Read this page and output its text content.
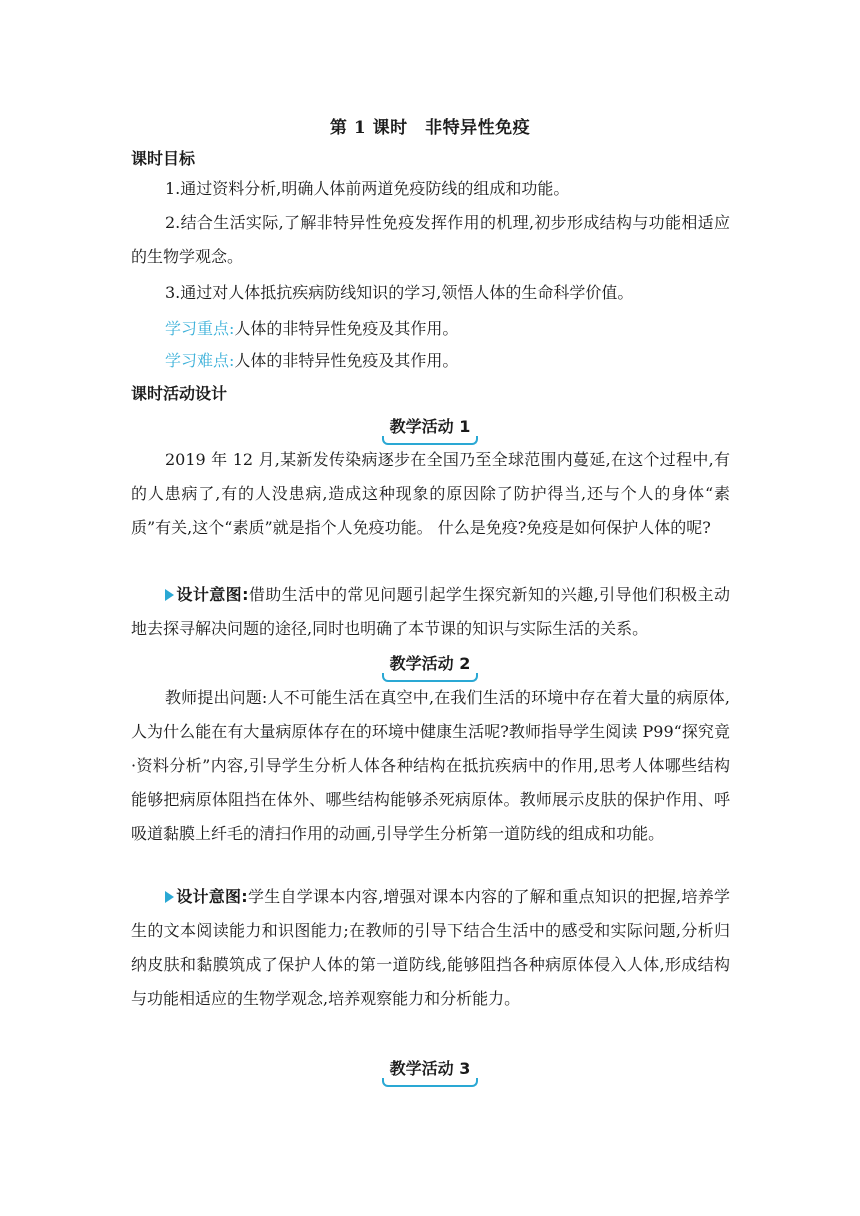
第 1 课时　非特异性免疫
课时目标
1.通过资料分析,明确人体前两道免疫防线的组成和功能。
2.结合生活实际,了解非特异性免疫发挥作用的机理,初步形成结构与功能相适应的生物学观念。
3.通过对人体抵抗疾病防线知识的学习,领悟人体的生命科学价值。
学习重点:人体的非特异性免疫及其作用。
学习难点:人体的非特异性免疫及其作用。
课时活动设计
教学活动 1
2019 年 12 月,某新发传染病逐步在全国乃至全球范围内蔓延,在这个过程中,有的人患病了,有的人没患病,造成这种现象的原因除了防护得当,还与个人的身体“素质”有关,这个“素质”就是指个人免疫功能。 什么是免疫?免疫是如何保护人体的呢?
设计意图:借助生活中的常见问题引起学生探究新知的兴趣,引导他们积极主动地去探寻解决问题的途径,同时也明确了本节课的知识与实际生活的关系。
教学活动 2
教师提出问题:人不可能生活在真空中,在我们生活的环境中存在着大量的病原体,人为什么能在有大量病原体存在的环境中健康生活呢?教师指导学生阅读 P99“探究竟·资料分析”内容,引导学生分析人体各种结构在抵抗疾病中的作用,思考人体哪些结构能够把病原体阻挡在体外、哪些结构能够杀死病原体。教师展示皮肤的保护作用、呼吸道黏膜上纤毛的清扫作用的动画,引导学生分析第一道防线的组成和功能。
设计意图:学生自学课本内容,增强对课本内容的了解和重点知识的把握,培养学生的文本阅读能力和识图能力;在教师的引导下结合生活中的感受和实际问题,分析归纳皮肤和黏膜筑成了保护人体的第一道防线,能够阻挡各种病原体侵入人体,形成结构与功能相适应的生物学观念,培养观察能力和分析能力。
教学活动 3
